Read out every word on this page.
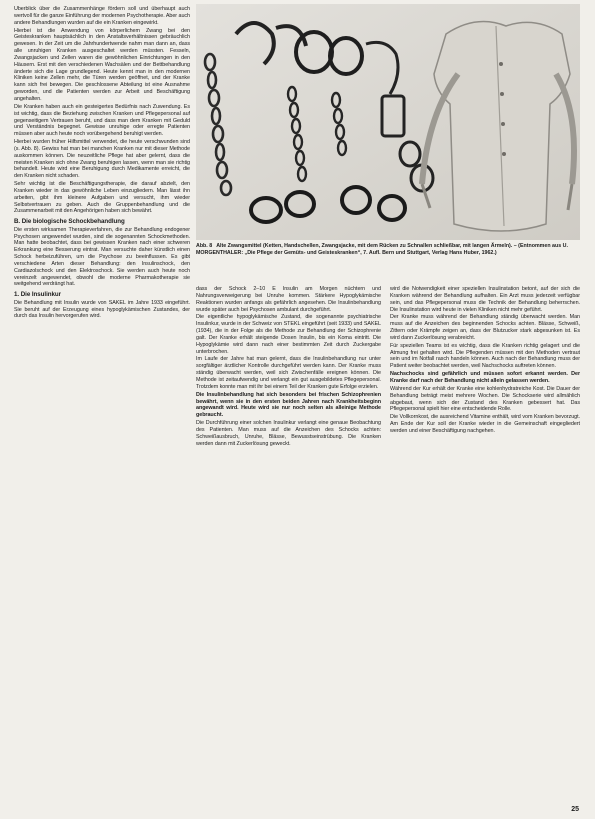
Überblick über die Zusammenhänge fördern soll und überhaupt auch wertvoll für die ganze Einführung der modernen Psychotherapie. Aber auch andere Behandlungen wurden auf die ein Kranken eingewirkt.

Hierbei ist die Anwendung von körperlichem Zwang bei den Geisteskranken hauptsächlich in den Anstaltsverhältnissen gebräuchlich gewesen. In der Zeit um die Jahrhundertwende nahm man dann an, dass alle unruhigen Kranken ausgeschaltet werden müssten. Fesseln, Zwangsjacken und Zellen waren die gewöhnlichen Einrichtungen in den Häusern. Erst mit den verschiedenen Wachsälen und der Bettbehandlung änderte sich die Lage grundlegend. Heute kennt man in den modernen Kliniken keine Zellen mehr, die Türen werden geöffnet, und der Kranke kann sich frei bewegen. Die geschlossene Abteilung ist eine Ausnahme geworden, und die Patienten werden zur Arbeit und Beschäftigung angehalten.

Die Kranken haben auch ein gesteigertes Bedürfnis nach Zuwendung. Es ist wichtig, dass die Beziehung zwischen Kranken und Pflegepersonal auf gegenseitigem Vertrauen beruht, und dass man dem Kranken mit Geduld und Verständnis begegnet. Gewisse unruhige oder erregte Patienten müssen aber auch heute noch vorübergehend beruhigt werden.

Hierbei wurden früher Hilfsmittel verwendet, die heute verschwunden sind (s. Abb. 8). Gewiss hat man bei manchen Kranken nur mit dieser Methode auskommen können. Die neuzeitliche Pflege hat aber gelernt, dass die meisten Kranken sich ohne Zwang beruhigen lassen, wenn man sie richtig behandelt. Heute wird eine Beruhigung durch Medikamente erreicht, die den Kranken nicht schaden.

Sehr wichtig ist die Beschäftigungstherapie, die darauf abzielt, den Kranken wieder in das gewöhnliche Leben einzugliedern. Man lässt ihn arbeiten, gibt ihm kleinere Aufgaben und versucht, ihm wieder Selbstvertrauen zu geben. Auch die Gruppenbehandlung und die Zusammenarbeit mit den Angehörigen haben sich bewährt.

B. Die biologische Schockbehandlung

Die ersten wirksamen Therapieverfahren, die zur Behandlung endogener Psychosen angewendet wurden, sind die sogenannten Schockmethoden. Man hatte beobachtet, dass bei gewissen Kranken nach einer schweren Erkrankung eine Besserung eintrat. Man versuchte daher künstlich einen Schock herbeizuführen, um die Psychose zu beeinflussen. Es gibt verschiedene Arten dieser Behandlung: den Insulinschock, den Cardiazolschock und den Elektroschock. Sie werden auch heute noch vereinzelt angewendet, obwohl die moderne Pharmakotherapie sie weitgehend verdrängt hat.

1. Die Insulinkur

Die Behandlung mit Insulin wurde von SAKEL im Jahre 1933 eingeführt. Sie beruht auf der Erzeugung eines hypoglykämischen Zustandes, der durch das Insulin hervorgerufen wird.

Abb. 8 Alte Zwangsmittel (Ketten, Handschellen, Zwangsjacke, mit dem Rücken zu Schnallen schließbar, mit langen Ärmeln). – (Entnommen aus U. MORGENTHALER: „Die Pflege der Gemüts- und Geisteskranken“, 7. Aufl. Bern und Stuttgart, Verlag Hans Huber, 1962.)

dass der Schock 2–10 E Insulin am Morgen nüchtern und Nahrungsverweigerung bei Unruhe kommen. Stärkere Hypoglykämische Reaktionen wurden anfangs als gefährlich angesehen. Die Insulinbehandlung wurde später auch bei Psychosen ambulant durchgeführt.

Die eigentliche hypoglykämische Zustand, die sogenannte psychiatrische Insulinkur, wurde in der Schweiz von STEKL eingeführt (seit 1933) und SAKEL (1934), die in der Folge als die Methode zur Behandlung der Schizophrenie galt. Der Kranke erhält steigende Dosen Insulin, bis ein Koma eintritt. Die Hypoglykämie wird dann nach einer bestimmten Zeit durch Zuckergabe unterbrochen.

Im Laufe der Jahre hat man gelernt, dass die Insulinbehandlung nur unter sorgfältiger ärztlicher Kontrolle durchgeführt werden kann. Der Kranke muss ständig überwacht werden, weil sich Zwischenfälle ereignen können. Die Methode ist zeitaufwendig und verlangt ein gut ausgebildetes Pflegepersonal. Trotzdem konnte man mit ihr bei einem Teil der Kranken gute Erfolge erzielen.

Die Insulinbehandlung hat sich besonders bei frischen Schizophrenien bewährt, wenn sie in den ersten beiden Jahren nach Krankheitsbeginn angewandt wird. Heute wird sie nur noch selten als alleinige Methode gebraucht.

Die Durchführung einer solchen Insulinkur verlangt eine genaue Beobachtung des Patienten. Man muss auf die Anzeichen des Schocks achten: Schweißausbruch, Unruhe, Blässe, Bewusstseinstrübung. Die Kranken werden dann mit Zuckerlösung geweckt.

wird die Notwendigkeit einer speziellen Insulinstation betont, auf der sich die Kranken während der Behandlung aufhalten. Ein Arzt muss jederzeit verfügbar sein, und das Pflegepersonal muss die Technik der Behandlung beherrschen. Die Insulinstation wird heute in vielen Kliniken nicht mehr geführt.

Der Kranke muss während der Behandlung ständig überwacht werden. Man muss auf die Anzeichen des beginnenden Schocks achten. Blässe, Schweiß, Zittern oder Krämpfe zeigen an, dass der Blutzucker stark abgesunken ist. Es wird dann Zuckerlösung verabreicht.

Für speziellen Teams ist es wichtig, dass die Kranken richtig gelagert und die Atmung frei gehalten wird. Die Pflegenden müssen mit den Methoden vertraut sein und im Notfall rasch handeln können. Auch nach der Behandlung muss der Patient weiter beobachtet werden, weil Nachschocks auftreten können.

Nachschocks sind gefährlich und müssen sofort erkannt werden. Der Kranke darf nach der Behandlung nicht allein gelassen werden.

Während der Kur erhält der Kranke eine kohlenhydratreiche Kost. Die Dauer der Behandlung beträgt meist mehrere Wochen. Die Schockserie wird allmählich abgebaut, wenn sich der Zustand des Kranken gebessert hat. Das Pflegepersonal spielt hier eine entscheidende Rolle.

Die Vollkornkost, die ausreichend Vitamine enthält, wird vom Kranken bevorzugt. Am Ende der Kur soll der Kranke wieder in die Gemeinschaft eingegliedert werden und einer Beschäftigung nachgehen.

25
